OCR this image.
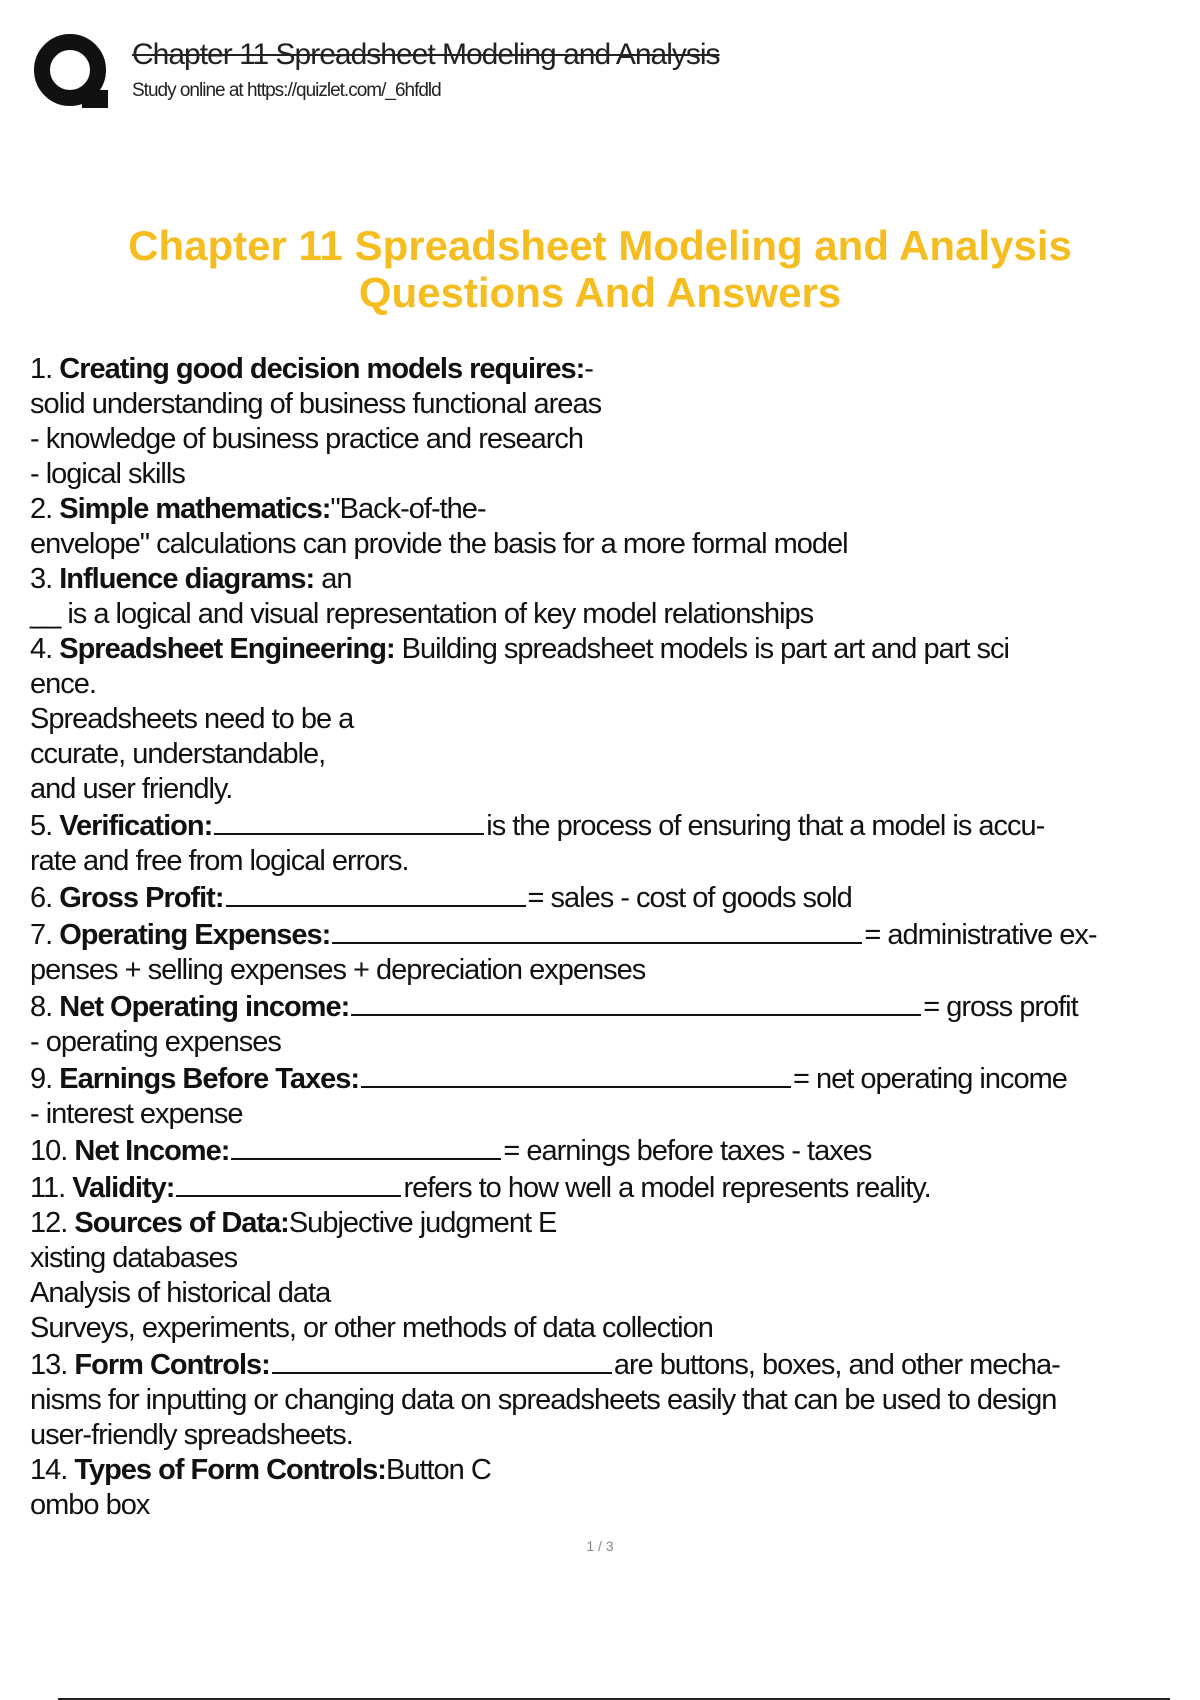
Chapter 11 Spreadsheet Modeling and Analysis
Study online at https://quizlet.com/_6hfdld
Chapter 11 Spreadsheet Modeling and Analysis
Questions And Answers
1. Creating good decision models requires:-
solid understanding of business functional areas
- knowledge of business practice and research
- logical skills
2. Simple mathematics:"Back-of-the-
envelope" calculations can provide the basis for a more formal model
3. Influence diagrams: an
__ is a logical and visual representation of key model relationships
4. Spreadsheet Engineering: Building spreadsheet models is part art and part sci
ence.
Spreadsheets need to be a
ccurate, understandable,
and user friendly.
5. Verification:	is the process of ensuring that a model is accu-
rate and free from logical errors.
6. Gross Profit:	= sales - cost of goods sold
7. Operating Expenses:	= administrative ex-
penses + selling expenses + depreciation expenses
8. Net Operating income:	= gross profit
- operating expenses
9. Earnings Before Taxes:	= net operating income
- interest expense
10. Net Income:	= earnings before taxes - taxes
11. Validity:	refers to how well a model represents reality.
12. Sources of Data:Subjective judgment E
xisting databases
Analysis of historical data
Surveys, experiments, or other methods of data collection
13. Form Controls:	are buttons, boxes, and other mecha-
nisms for inputting or changing data on spreadsheets easily that can be used to design
user-friendly spreadsheets.
14. Types of Form Controls:Button C
ombo box
1 / 3
